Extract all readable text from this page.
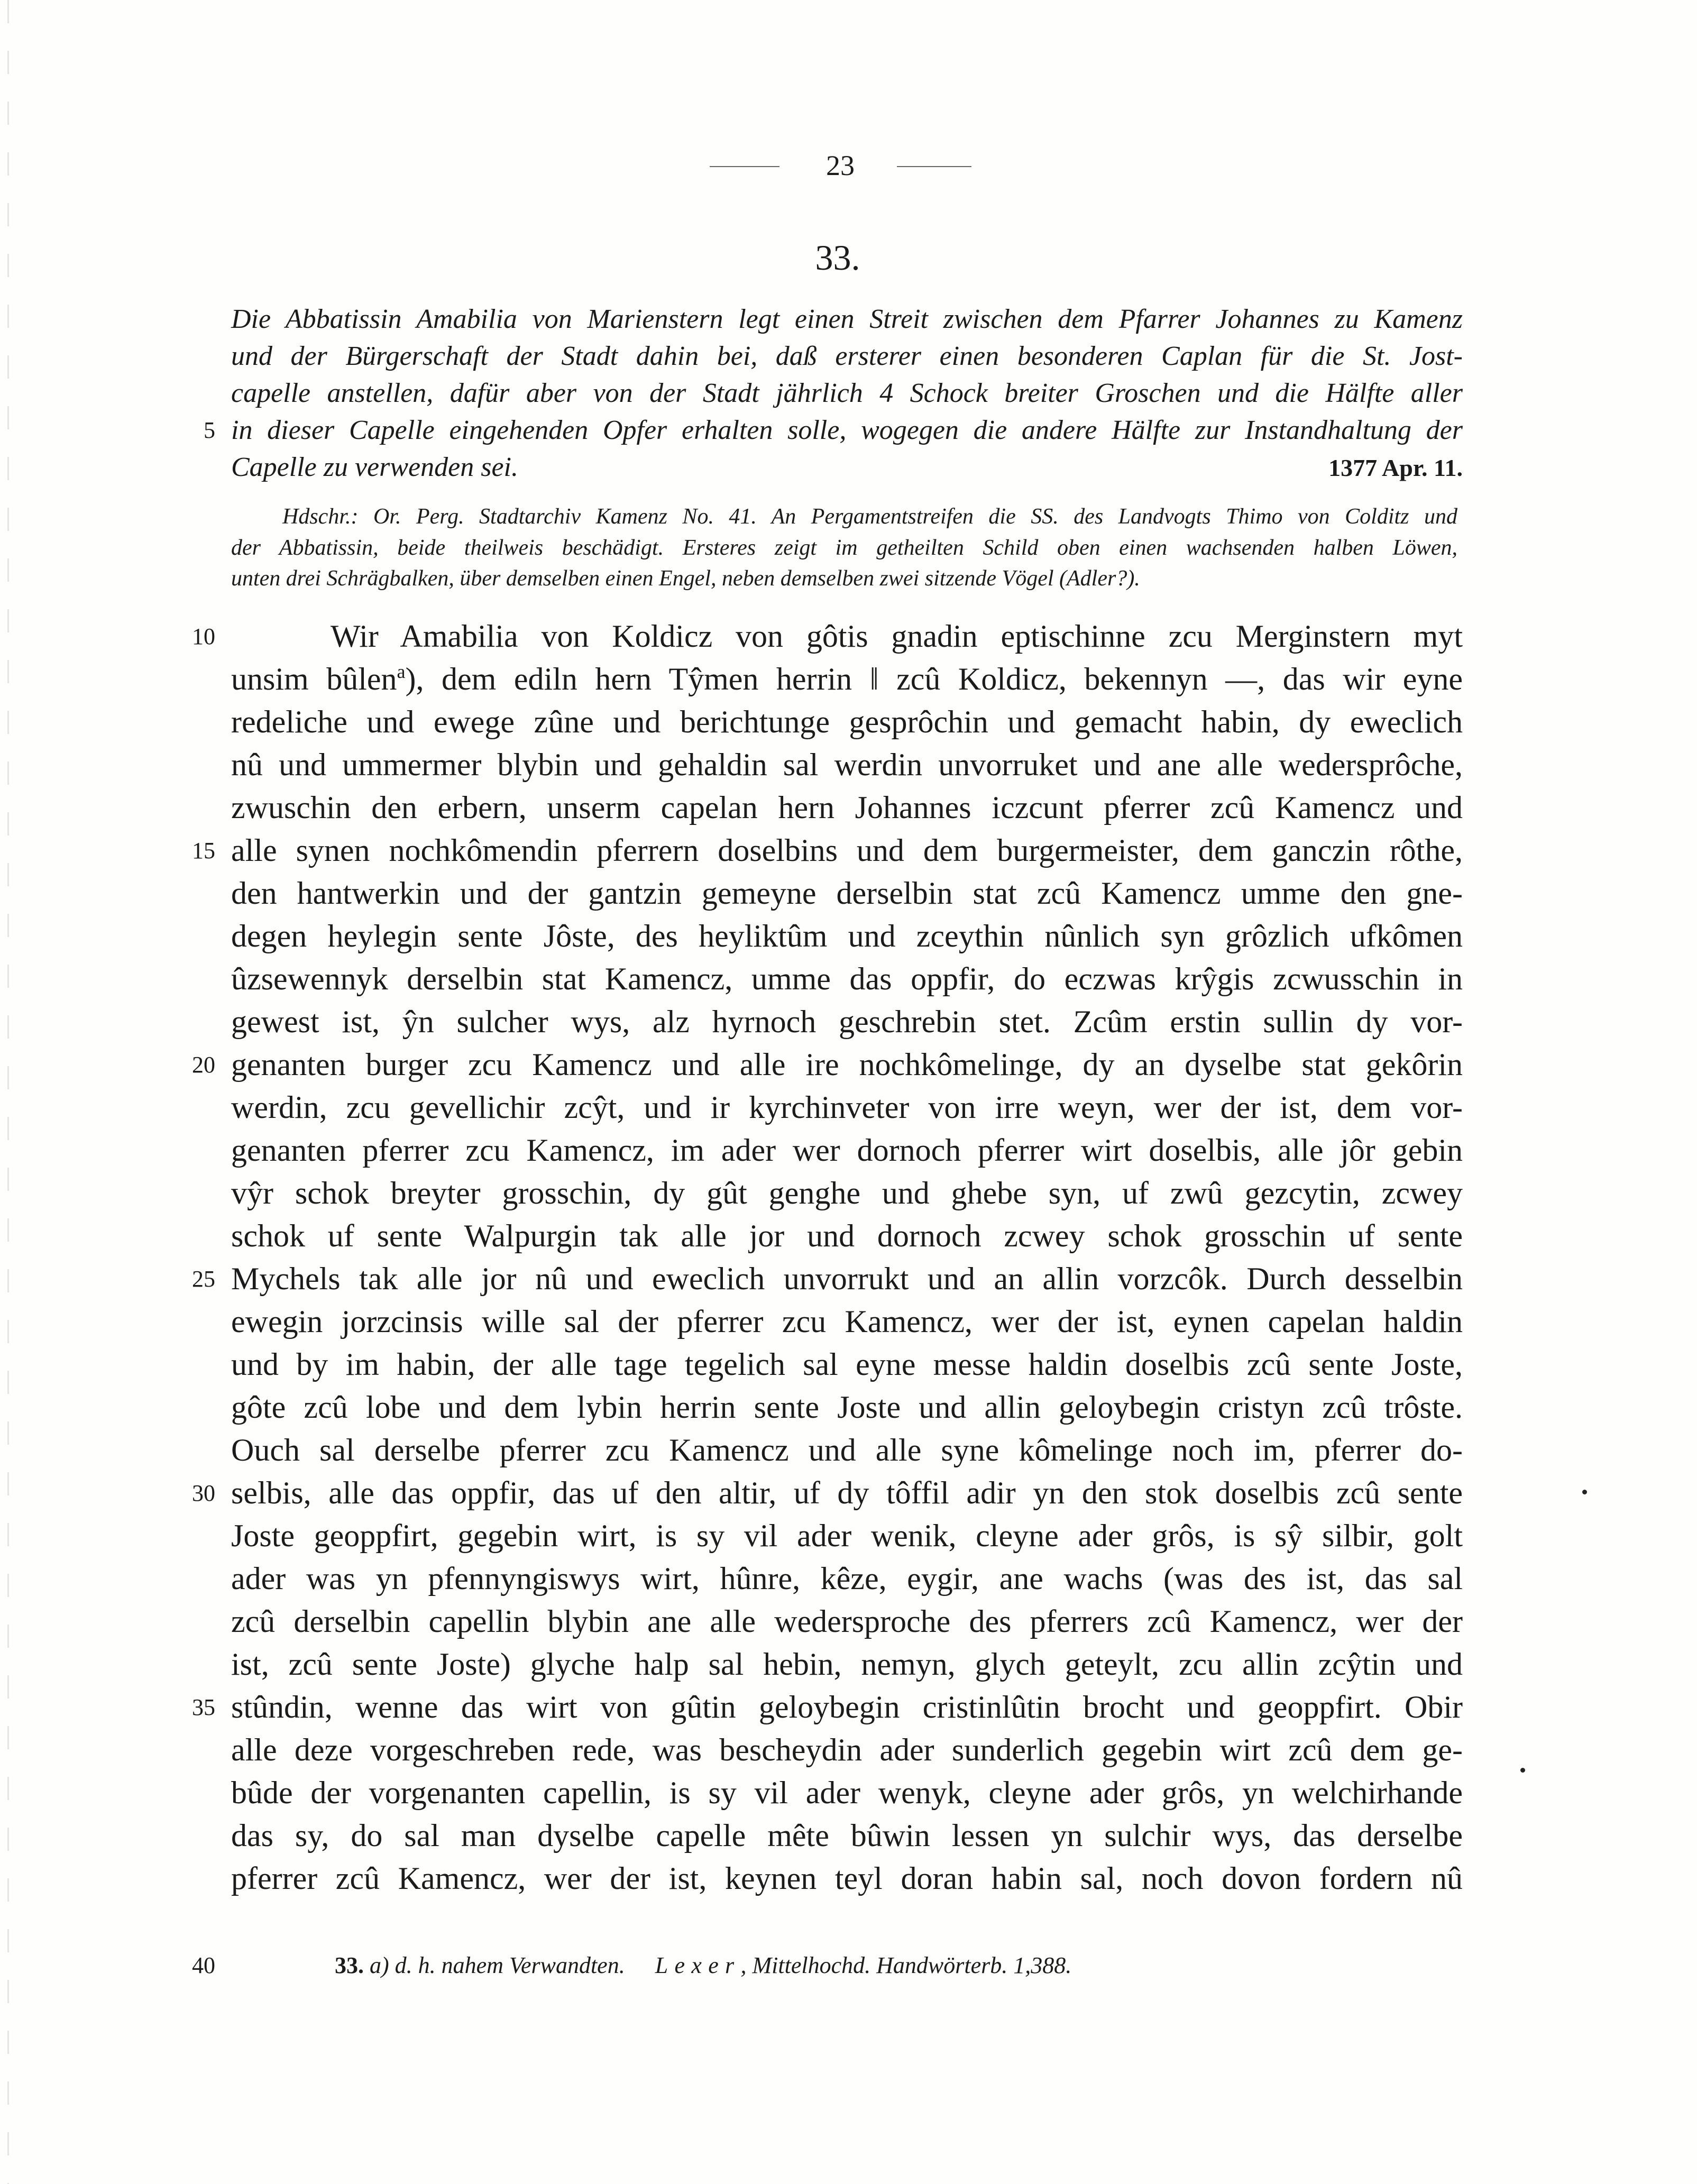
23
33.
Die Abbatissin Amabilia von Marienstern legt einen Streit zwischen dem Pfarrer Johannes zu Kamenz
und der Bürgerschaft der Stadt dahin bei, daß ersterer einen besonderen Caplan für die St. Jost-
capelle anstellen, dafür aber von der Stadt jährlich 4 Schock breiter Groschen und die Hälfte aller
5 in dieser Capelle eingehenden Opfer erhalten solle, wogegen die andere Hälfte zur Instandhaltung der
Capelle zu verwenden sei.	1377 Apr. 11.
Hdschr.: Or. Perg. Stadtarchiv Kamenz No. 41. An Pergamentstreifen die SS. des Landvogts Thimo von Colditz und
der Abbatissin, beide theilweis beschädigt. Ersteres zeigt im getheilten Schild oben einen wachsenden halben Löwen,
unten drei Schrägbalken, über demselben einen Engel, neben demselben zwei sitzende Vögel (Adler?).
10	Wir Amabilia von Koldicz von gôtis gnadin eptischinne zcu Merginstern myt
unsim bûlen$^a$), dem ediln hern Tŷmen herrin ‖ zcû Koldicz, bekennyn —, das wir eyne
redeliche und ewege zûne und berichtunge gesprôchin und gemacht habin, dy eweclich
nû und ummermer blybin und gehaldin sal werdin unvorruket und ane alle wedersprôche,
zwuschin den erbern, unserm capelan hern Johannes iczcunt pferrer zcû Kamencz und
15 alle synen nochkômendin pferrern doselbins und dem burgermeister, dem ganczin rôthe,
den hantwerkin und der gantzin gemeyne derselbin stat zcû Kamencz umme den gne-
degen heylegin sente Jôste, des heyliktûm und zceythin nûnlich syn grôzlich ufkômen
ûzsewennyk derselbin stat Kamencz, umme das oppfir, do eczwas krŷgis zcwusschin in
gewest ist, ŷn sulcher wys, alz hyrnoch geschrebin stet. Zcûm erstin sullin dy vor-
20 genanten burger zcu Kamencz und alle ire nochkômelinge, dy an dyselbe stat gekôrin
werdin, zcu gevellichir zcŷt, und ir kyrchinveter von irre weyn, wer der ist, dem vor-
genanten pferrer zcu Kamencz, im ader wer dornoch pferrer wirt doselbis, alle jôr gebin
vŷr schok breyter grosschin, dy gût genghe und ghebe syn, uf zwû gezcytin, zcwey
schok uf sente Walpurgin tak alle jor und dornoch zcwey schok grosschin uf sente
25 Mychels tak alle jor nû und eweclich unvorrukt und an allin vorzcôk. Durch desselbin
ewegin jorzcinsis wille sal der pferrer zcu Kamencz, wer der ist, eynen capelan haldin
und by im habin, der alle tage tegelich sal eyne messe haldin doselbis zcû sente Joste,
gôte zcû lobe und dem lybin herrin sente Joste und allin geloybegin cristyn zcû trôste.
Ouch sal derselbe pferrer zcu Kamencz und alle syne kômelinge noch im, pferrer do-
30 selbis, alle das oppfir, das uf den altir, uf dy tôffil adir yn den stok doselbis zcû sente
Joste geoppfirt, gegebin wirt, is sy vil ader wenik, cleyne ader grôs, is sŷ silbir, golt
ader was yn pfennyngiswys wirt, hûnre, kêze, eygir, ane wachs (was des ist, das sal
zcû derselbin capellin blybin ane alle wedersproche des pferrers zcû Kamencz, wer der
ist, zcû sente Joste) glyche halp sal hebin, nemyn, glych geteylt, zcu allin zcŷtin und
35 stûndin, wenne das wirt von gûtin geloybegin cristinlûtin brocht und geoppfirt. Obir
alle deze vorgeschreben rede, was bescheydin ader sunderlich gegebin wirt zcû dem ge-
bûde der vorgenanten capellin, is sy vil ader wenyk, cleyne ader grôs, yn welchirhande
das sy, do sal man dyselbe capelle mête bûwin lessen yn sulchir wys, das derselbe
pferrer zcû Kamencz, wer der ist, keynen teyl doran habin sal, noch dovon fordern nû
40	33. a) d. h. nahem Verwandten. Lexer, Mittelhochd. Handwörterb. 1,388.
